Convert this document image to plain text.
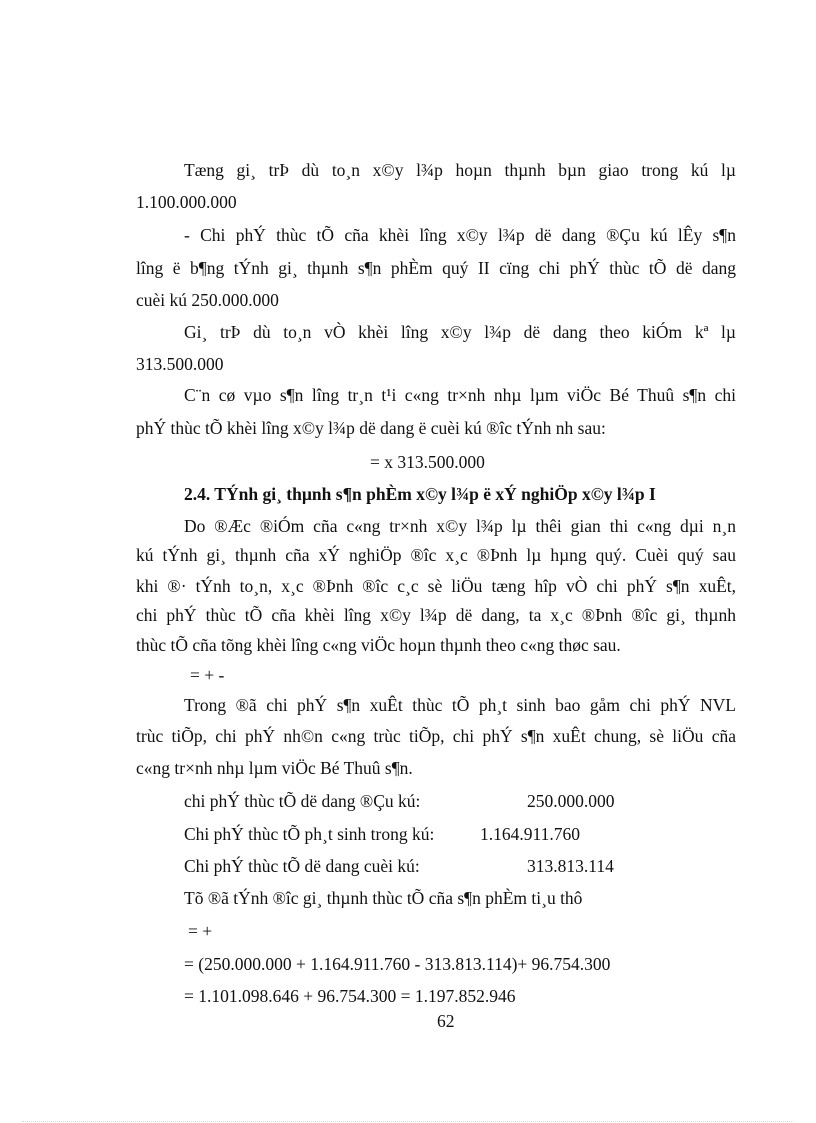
Tæng gi¸ trÞ dù to¸n x©y l¾p hoµn thµnh bµn giao trong kú lµ
1.100.000.000
- Chi phÝ thùc tÕ cña khèi lîng x©y l¾p dë dang ®Çu kú lÊy s¶n
lîng ë b¶ng tÝnh gi¸ thµnh s¶n phÈm quý II cïng chi phÝ thùc tÕ dë dang
cuèi kú 250.000.000
Gi¸ trÞ dù to¸n vÒ khèi lîng x©y l¾p dë dang theo kiÓm kª lµ
313.500.000
C¨n cø vµo s¶n lîng tr¸n t¹i c«ng tr×nh nhµ lµm viÖc Bé Thuû s¶n chi
phÝ thùc tÕ khèi lîng x©y l¾p dë dang ë cuèi kú ®îc tÝnh nh sau:
= x 313.500.000
2.4. TÝnh gi¸ thµnh s¶n phÈm x©y l¾p ë xÝ nghiÖp x©y l¾p I
Do ®Æc ®iÓm cña c«ng tr×nh x©y l¾p lµ thêi gian thi c«ng dµi n¸n
kú tÝnh gi¸ thµnh cña xÝ nghiÖp ®îc x¸c ®Þnh lµ hµng quý. Cuèi quý sau
khi ®· tÝnh to¸n, x¸c ®Þnh ®îc c¸c sè liÖu tæng hîp vÒ chi phÝ s¶n xuÊt,
chi phÝ thùc tÕ cña khèi lîng x©y l¾p dë dang, ta x¸c ®Þnh ®îc gi¸ thµnh
thùc tÕ cña tõng khèi lîng c«ng viÖc hoµn thµnh theo c«ng thøc sau.
= + -
Trong ®ã chi phÝ s¶n xuÊt thùc tÕ ph¸t sinh bao gåm chi phÝ NVL
trùc tiÕp, chi phÝ nh©n c«ng trùc tiÕp, chi phÝ s¶n xuÊt chung, sè liÖu cña
c«ng tr×nh nhµ lµm viÖc Bé Thuû s¶n.
chi phÝ thùc tÕ dë dang ®Çu kú:	250.000.000
Chi phÝ thùc tÕ ph¸t sinh trong kú:	1.164.911.760
Chi phÝ thùc tÕ dë dang cuèi kú:	313.813.114
Tõ ®ã tÝnh ®îc gi¸ thµnh thùc tÕ cña s¶n phÈm ti¸u thô
= +
= (250.000.000 + 1.164.911.760 - 313.813.114)+ 96.754.300
= 1.101.098.646 + 96.754.300 = 1.197.852.946
62
